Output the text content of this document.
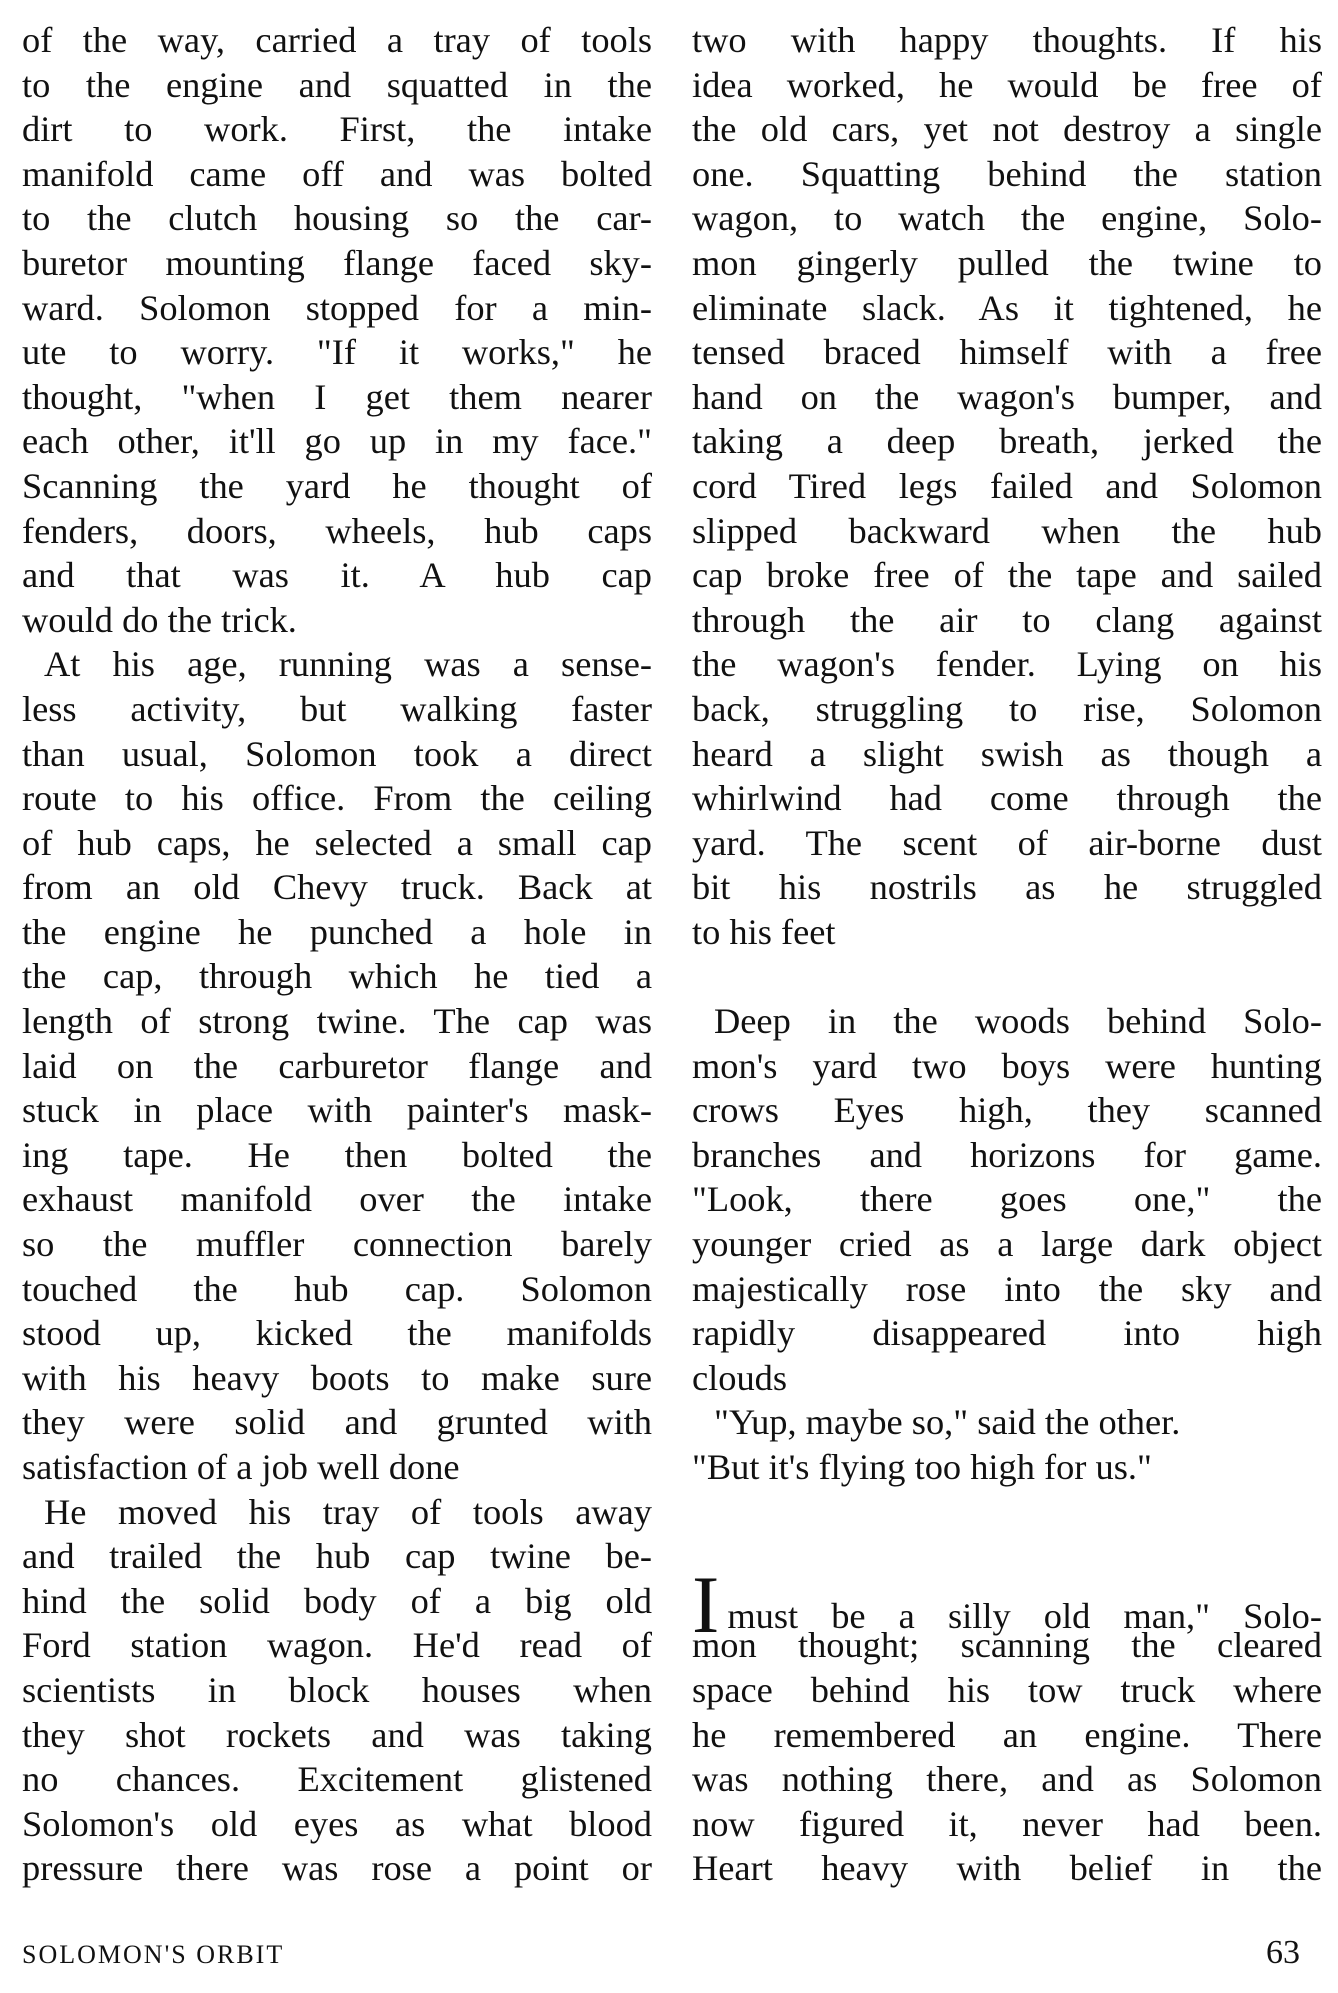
of the way, carried a tray of tools
to the engine and squatted in the
dirt to work. First, the intake
manifold came off and was bolted
to the clutch housing so the car-
buretor mounting flange faced sky-
ward. Solomon stopped for a min-
ute to worry. "If it works," he
thought, "when I get them nearer
each other, it'll go up in my face."
Scanning the yard he thought of
fenders, doors, wheels, hub caps
and that was it. A hub cap
would do the trick.
At his age, running was a sense-
less activity, but walking faster
than usual, Solomon took a direct
route to his office. From the ceiling
of hub caps, he selected a small cap
from an old Chevy truck. Back at
the engine he punched a hole in
the cap, through which he tied a
length of strong twine. The cap was
laid on the carburetor flange and
stuck in place with painter's mask-
ing tape. He then bolted the
exhaust manifold over the intake
so the muffler connection barely
touched the hub cap. Solomon
stood up, kicked the manifolds
with his heavy boots to make sure
they were solid and grunted with
satisfaction of a job well done
He moved his tray of tools away
and trailed the hub cap twine be-
hind the solid body of a big old
Ford station wagon. He'd read of
scientists in block houses when
they shot rockets and was taking
no chances. Excitement glistened
Solomon's old eyes as what blood
pressure there was rose a point or
two with happy thoughts. If his
idea worked, he would be free of
the old cars, yet not destroy a single
one. Squatting behind the station
wagon, to watch the engine, Solo-
mon gingerly pulled the twine to
eliminate slack. As it tightened, he
tensed braced himself with a free
hand on the wagon's bumper, and
taking a deep breath, jerked the
cord Tired legs failed and Solomon
slipped backward when the hub
cap broke free of the tape and sailed
through the air to clang against
the wagon's fender. Lying on his
back, struggling to rise, Solomon
heard a slight swish as though a
whirlwind had come through the
yard. The scent of air-borne dust
bit his nostrils as he struggled
to his feet
Deep in the woods behind Solo-
mon's yard two boys were hunting
crows Eyes high, they scanned
branches and horizons for game.
"Look, there goes one," the
younger cried as a large dark object
majestically rose into the sky and
rapidly disappeared into high
clouds
"Yup, maybe so," said the other.
"But it's flying too high for us."
Imust be a silly old man," Solo-
mon thought; scanning the cleared
space behind his tow truck where
he remembered an engine. There
was nothing there, and as Solomon
now figured it, never had been.
Heart heavy with belief in the
SOLOMON'S ORBIT	63
